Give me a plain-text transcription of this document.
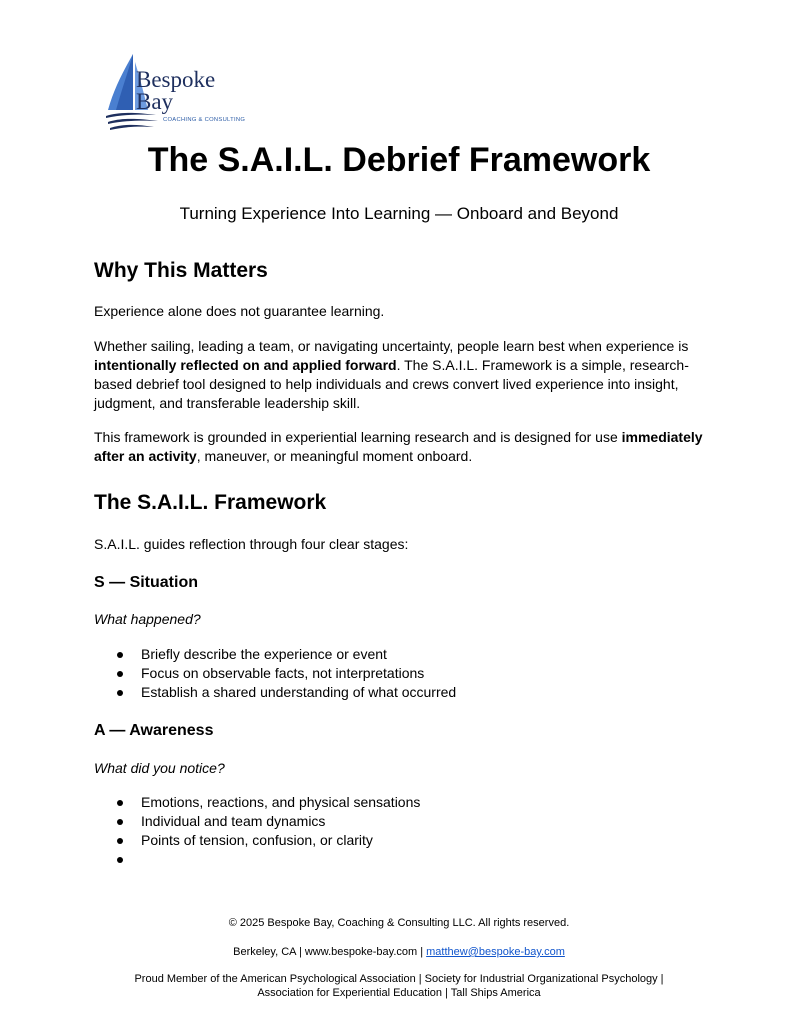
Bespoke
Bay
COACHING & CONSULTING
The S.A.I.L. Debrief Framework

Turning Experience Into Learning — Onboard and Beyond

Why This Matters

Experience alone does not guarantee learning.

Whether sailing, leading a team, or navigating uncertainty, people learn best when experience is intentionally reflected on and applied forward. The S.A.I.L. Framework is a simple, research-based debrief tool designed to help individuals and crews convert lived experience into insight, judgment, and transferable leadership skill.

This framework is grounded in experiential learning research and is designed for use immediately after an activity, maneuver, or meaningful moment onboard.

The S.A.I.L. Framework

S.A.I.L. guides reflection through four clear stages:

S — Situation

What happened?

Briefly describe the experience or event
Focus on observable facts, not interpretations
Establish a shared understanding of what occurred
A — Awareness

What did you notice?

Emotions, reactions, and physical sensations
Individual and team dynamics
Points of tension, confusion, or clarity

© 2025 Bespoke Bay, Coaching & Consulting LLC. All rights reserved.

Berkeley, CA | www.bespoke-bay.com | matthew@bespoke-bay.com

Proud Member of the American Psychological Association | Society for Industrial Organizational Psychology |

Association for Experiential Education | Tall Ships America
